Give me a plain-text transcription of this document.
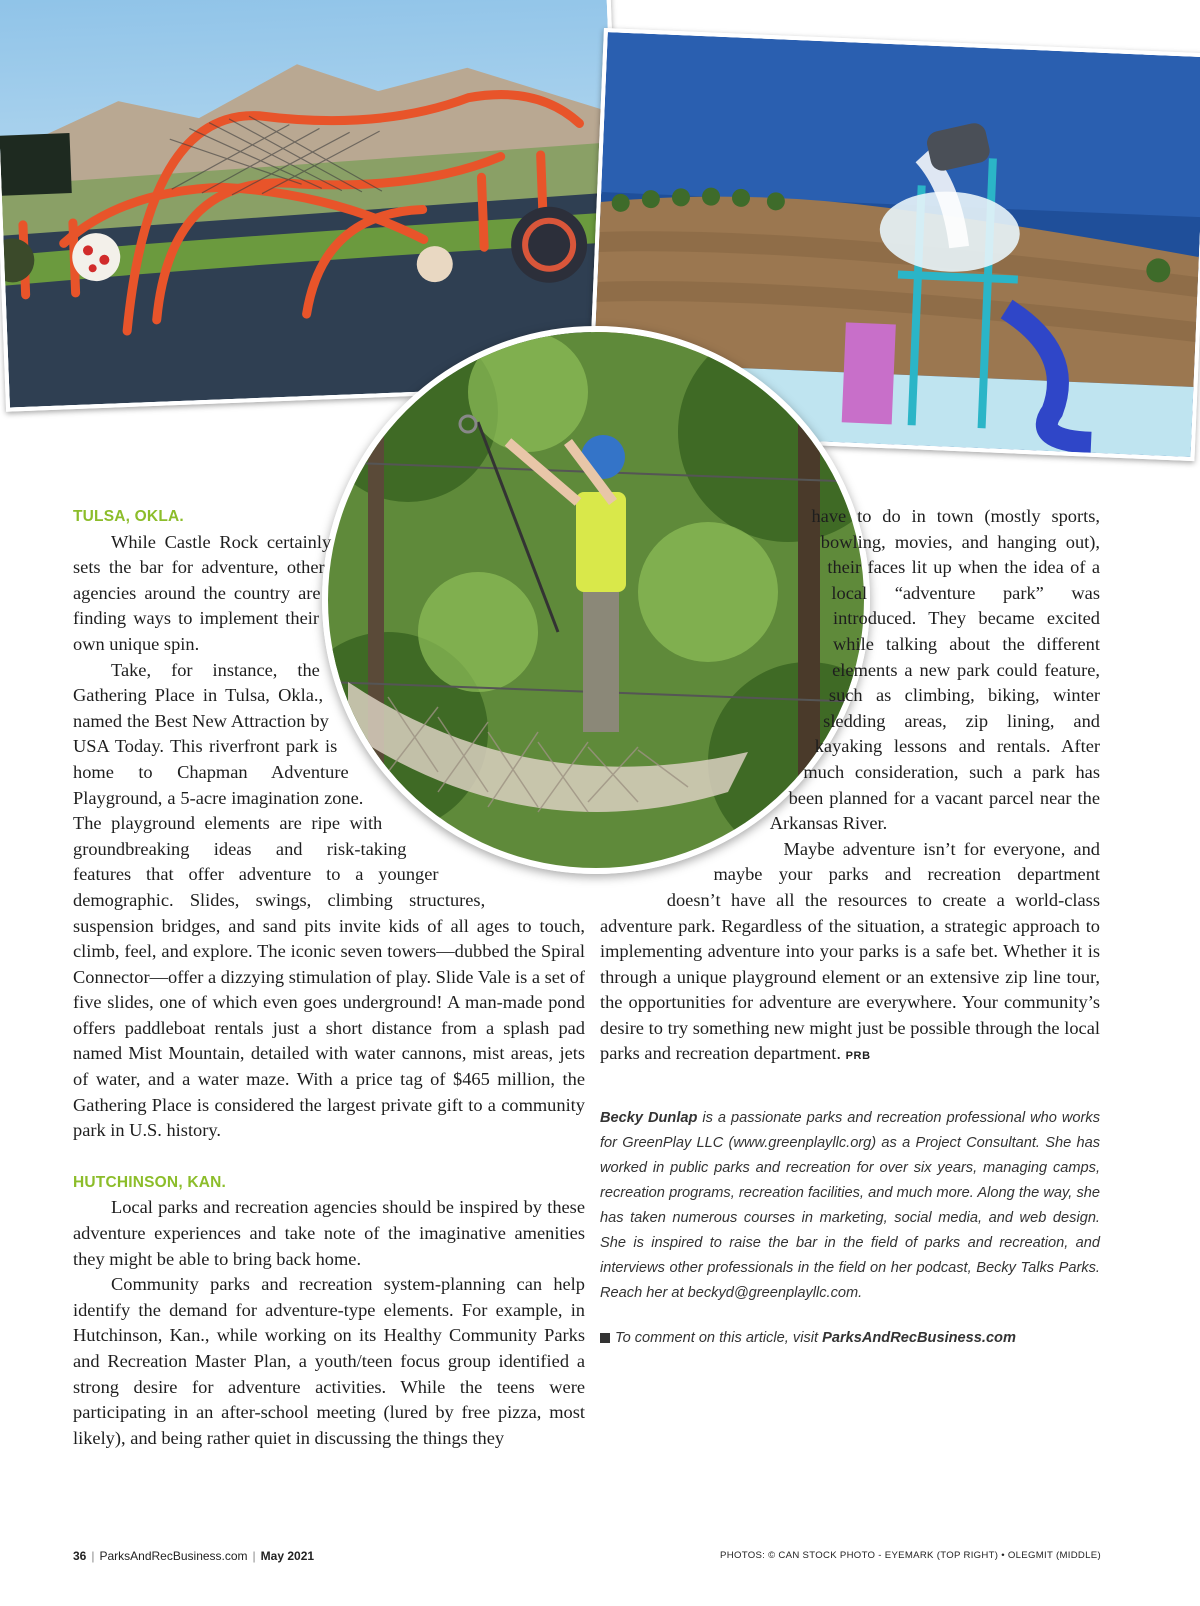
TULSA, OKLA.

While Castle Rock certainly sets the bar for adventure, other agencies around the country are finding ways to implement their own unique spin.

Take, for instance, the Gathering Place in Tulsa, Okla., named the Best New Attraction by USA Today. This riverfront park is home to Chapman Adventure Playground, a 5-acre imagination zone. The playground elements are ripe with groundbreaking ideas and risk-taking features that offer adventure to a younger demographic. Slides, swings, climbing structures, suspension bridges, and sand pits invite kids of all ages to touch, climb, feel, and explore. The iconic seven towers—dubbed the Spiral Connector—offer a dizzying stimulation of play. Slide Vale is a set of five slides, one of which even goes underground! A man-made pond offers paddleboat rentals just a short distance from a splash pad named Mist Mountain, detailed with water cannons, mist areas, jets of water, and a water maze. With a price tag of $465 million, the Gathering Place is considered the largest private gift to a community park in U.S. history.

HUTCHINSON, KAN.

Local parks and recreation agencies should be inspired by these adventure experiences and take note of the imaginative amenities they might be able to bring back home.

Community parks and recreation system-planning can help identify the demand for adventure-type elements. For example, in Hutchinson, Kan., while working on its Healthy Community Parks and Recreation Master Plan, a youth/teen focus group identified a strong desire for adventure activities. While the teens were participating in an after-school meeting (lured by free pizza, most likely), and being rather quiet in discussing the things they

have to do in town (mostly sports, bowling, movies, and hanging out), their faces lit up when the idea of a local “adventure park” was introduced. They became excited while talking about the different elements a new park could feature, such as climbing, biking, winter sledding areas, zip lining, and kayaking lessons and rentals. After much consideration, such a park has been planned for a vacant parcel near the Arkansas River.

Maybe adventure isn’t for everyone, and maybe your parks and recreation department doesn’t have all the resources to create a world-class adventure park. Regardless of the situation, a strategic approach to implementing adventure into your parks is a safe bet. Whether it is through a unique playground element or an extensive zip line tour, the opportunities for adventure are everywhere. Your community’s desire to try something new might just be possible through the local parks and recreation department. PRB

Becky Dunlap is a passionate parks and recreation professional who works for GreenPlay LLC (www.greenplayllc.org) as a Project Consultant. She has worked in public parks and recreation for over six years, managing camps, recreation programs, recreation facilities, and much more. Along the way, she has taken numerous courses in marketing, social media, and web design. She is inspired to raise the bar in the field of parks and recreation, and interviews other professionals in the field on her podcast, Becky Talks Parks. Reach her at beckyd@greenplayllc.com.
To comment on this article, visit ParksAndRecBusiness.com
36 | ParksAndRecBusiness.com | May 2021	PHOTOS: © CAN STOCK PHOTO - EYEMARK (TOP RIGHT) • OLEGMIT (MIDDLE)
